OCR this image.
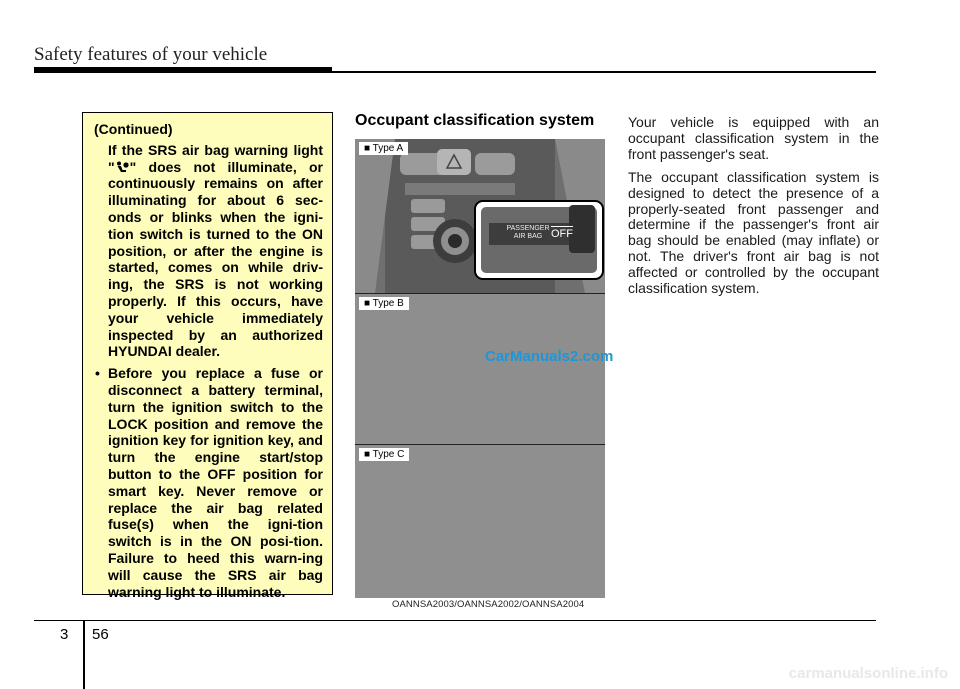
Safety features of your vehicle
(Continued)
If the SRS air bag warning light " " does not illuminate, or continuously remains on after illuminating for about 6 sec-onds or blinks when the igni-tion switch is turned to the ON position, or after the engine is started, comes on while driv-ing, the SRS is not working properly. If this occurs, have your vehicle immediately inspected by an authorized HYUNDAI dealer.
• Before you replace a fuse or disconnect a battery terminal, turn the ignition switch to the LOCK position and remove the ignition key for ignition key, and turn the engine start/stop button to the OFF position for smart key. Never remove or replace the air bag related fuse(s) when the igni-tion switch is in the ON posi-tion. Failure to heed this warn-ing will cause the SRS air bag warning light to illuminate.
Occupant classification system
■ Type A
PASSENGER
AIR BAG OFF
■ Type B
■ Type C
CarManuals2.com
OANNSA2003/OANNSA2002/OANNSA2004

Your vehicle is equipped with an occupant classification system in the front passenger's seat.

The occupant classification system is designed to detect the presence of a properly-seated front passenger and determine if the passenger's front air bag should be enabled (may inflate) or not. The driver's front air bag is not affected or controlled by the occupant classification system.

3 56
carmanualsonline.info
